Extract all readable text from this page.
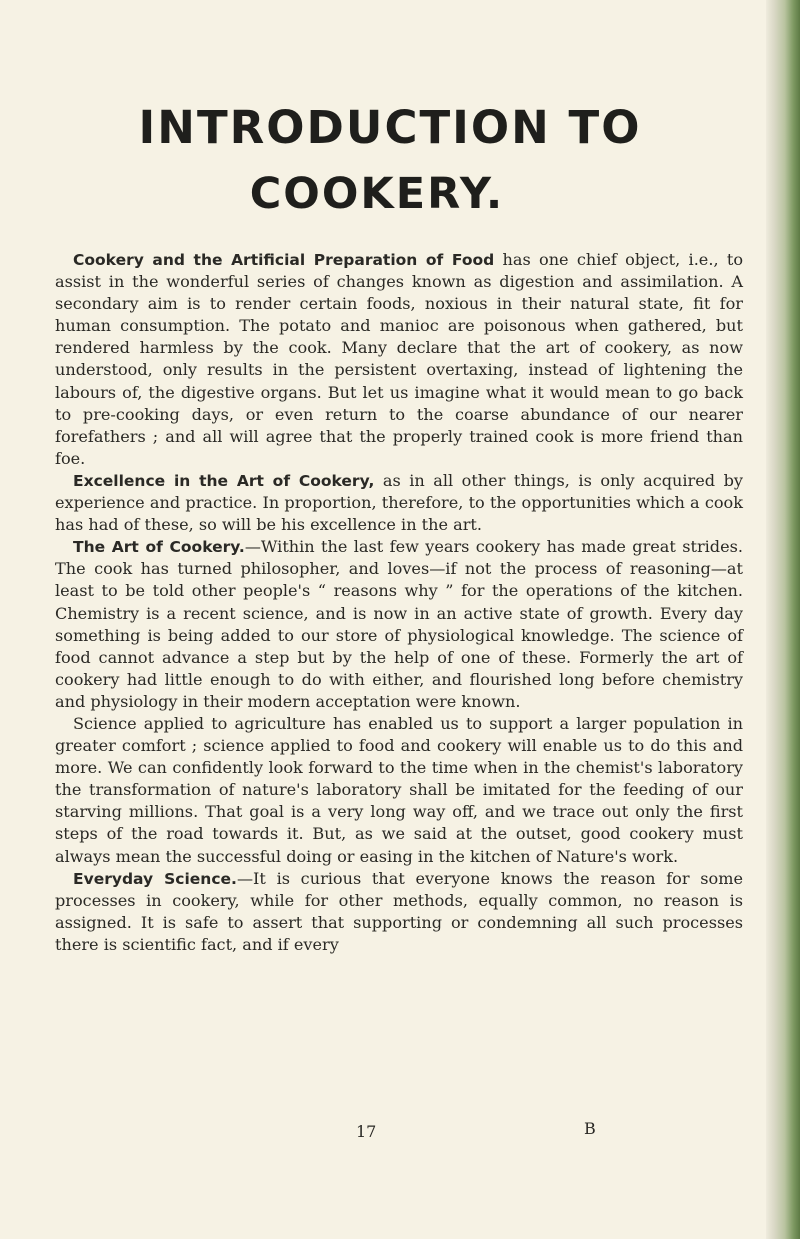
INTRODUCTION TO
COOKERY.

Cookery and the Artificial Preparation of Food has one chief object, i.e., to assist in the wonderful series of changes known as digestion and assimilation. A secondary aim is to render certain foods, noxious in their natural state, fit for human consumption. The potato and manioc are poisonous when gathered, but rendered harmless by the cook. Many declare that the art of cookery, as now understood, only results in the persistent overtaxing, instead of lightening the labours of, the digestive organs. But let us imagine what it would mean to go back to pre-cooking days, or even return to the coarse abundance of our nearer forefathers ; and all will agree that the properly trained cook is more friend than foe.

Excellence in the Art of Cookery, as in all other things, is only acquired by experience and practice. In proportion, therefore, to the opportunities which a cook has had of these, so will be his excellence in the art.

The Art of Cookery.—Within the last few years cookery has made great strides. The cook has turned philosopher, and loves—if not the process of reasoning—at least to be told other people's “ reasons why ” for the operations of the kitchen. Chemistry is a recent science, and is now in an active state of growth. Every day something is being added to our store of physiological knowledge. The science of food cannot advance a step but by the help of one of these. Formerly the art of cookery had little enough to do with either, and flourished long before chemistry and physiology in their modern acceptation were known.

Science applied to agriculture has enabled us to support a larger population in greater comfort ; science applied to food and cookery will enable us to do this and more. We can confidently look forward to the time when in the chemist's laboratory the transformation of nature's laboratory shall be imitated for the feeding of our starving millions. That goal is a very long way off, and we trace out only the first steps of the road towards it. But, as we said at the outset, good cookery must always mean the successful doing or easing in the kitchen of Nature's work.

Everyday Science.—It is curious that everyone knows the reason for some processes in cookery, while for other methods, equally common, no reason is assigned. It is safe to assert that supporting or condemning all such processes there is scientific fact, and if every

17	B
